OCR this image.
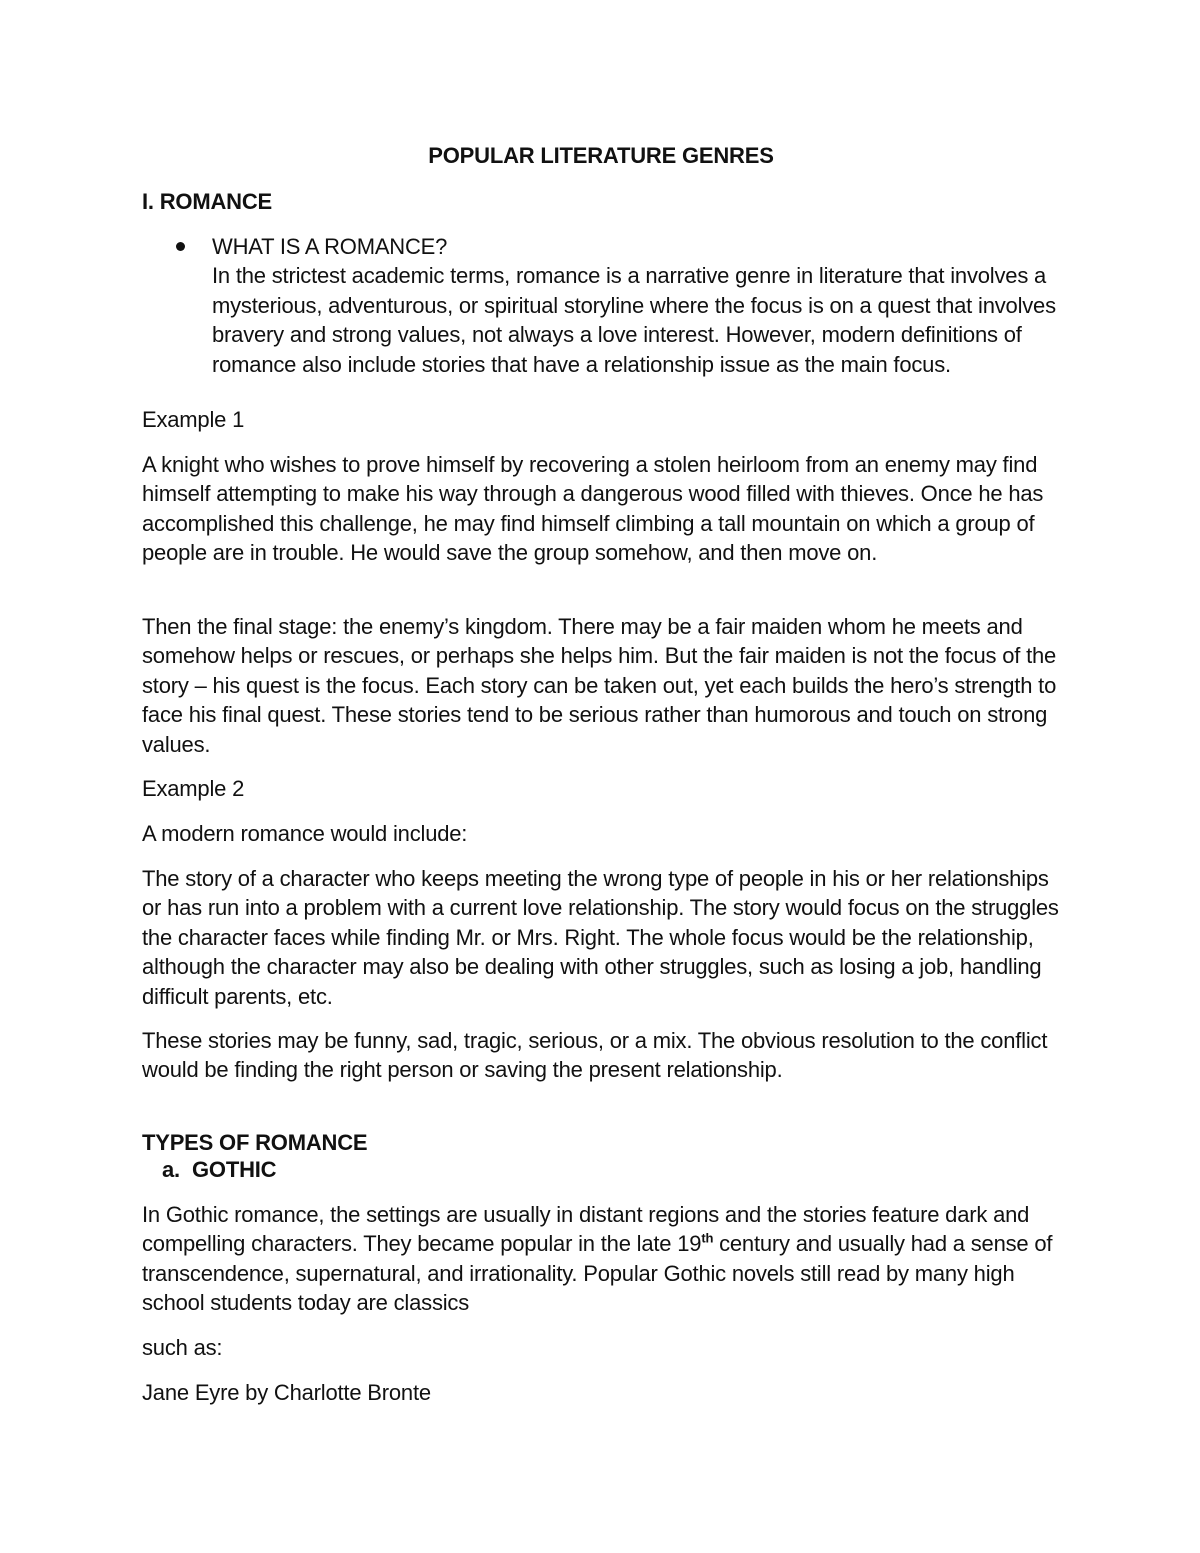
POPULAR LITERATURE GENRES
I. ROMANCE
WHAT IS A ROMANCE?
In the strictest academic terms, romance is a narrative genre in literature that involves a mysterious, adventurous, or spiritual storyline where the focus is on a quest that involves bravery and strong values, not always a love interest. However, modern definitions of romance also include stories that have a relationship issue as the main focus.
Example 1
A knight who wishes to prove himself by recovering a stolen heirloom from an enemy may find himself attempting to make his way through a dangerous wood filled with thieves. Once he has accomplished this challenge, he may find himself climbing a tall mountain on which a group of people are in trouble. He would save the group somehow, and then move on.
Then the final stage: the enemy’s kingdom. There may be a fair maiden whom he meets and somehow helps or rescues, or perhaps she helps him. But the fair maiden is not the focus of the story – his quest is the focus. Each story can be taken out, yet each builds the hero’s strength to face his final quest. These stories tend to be serious rather than humorous and touch on strong values.
Example 2
A modern romance would include:
The story of a character who keeps meeting the wrong type of people in his or her relationships or has run into a problem with a current love relationship. The story would focus on the struggles the character faces while finding Mr. or Mrs. Right. The whole focus would be the relationship, although the character may also be dealing with other struggles, such as losing a job, handling difficult parents, etc.
These stories may be funny, sad, tragic, serious, or a mix. The obvious resolution to the conflict would be finding the right person or saving the present relationship.
TYPES OF ROMANCE
a. GOTHIC
In Gothic romance, the settings are usually in distant regions and the stories feature dark and compelling characters. They became popular in the late 19th century and usually had a sense of transcendence, supernatural, and irrationality. Popular Gothic novels still read by many high school students today are classics
such as:
Jane Eyre by Charlotte Bronte
